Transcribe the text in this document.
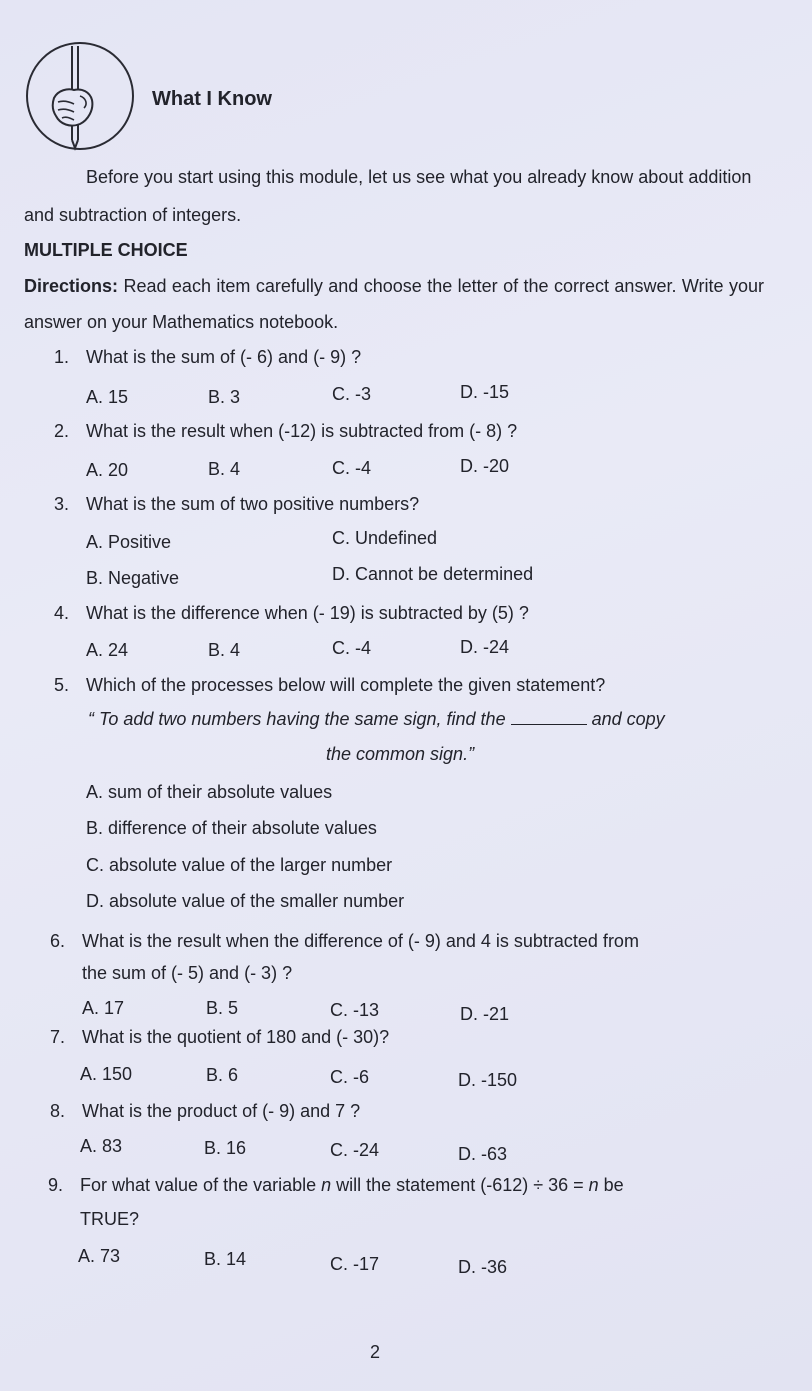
What I Know
Before you start using this module, let us see what you already know about addition and subtraction of integers.
MULTIPLE CHOICE
Directions: Read each item carefully and choose the letter of the correct answer. Write your answer on your Mathematics notebook.
1. What is the sum of (- 6) and (- 9) ?
A. 15	B. 3	C. -3	D. -15
2. What is the result when (-12) is subtracted from (- 8) ?
A. 20	B. 4	C. -4	D. -20
3. What is the sum of two positive numbers?
A. Positive	C. Undefined
B. Negative	D. Cannot be determined
4. What is the difference when (- 19) is subtracted by (5) ?
A. 24	B. 4	C. -4	D. -24
5. Which of the processes below will complete the given statement?
“ To add two numbers having the same sign, find the	and copy
the common sign.”
A. sum of their absolute values
B. difference of their absolute values
C. absolute value of the larger number
D. absolute value of the smaller number
6. What is the result when the difference of (- 9) and 4 is subtracted from
the sum of (- 5) and (- 3) ?
A. 17	B. 5	C. -13	D. -21
7. What is the quotient of 180 and (- 30)?
A. 150	B. 6	C. -6	D. -150
8. What is the product of (- 9) and 7 ?
A. 83	B. 16	C. -24	D. -63
9. For what value of the variable n will the statement (-612) ÷ 36 = n be
TRUE?
A. 73	B. 14	C. -17	D. -36
2
